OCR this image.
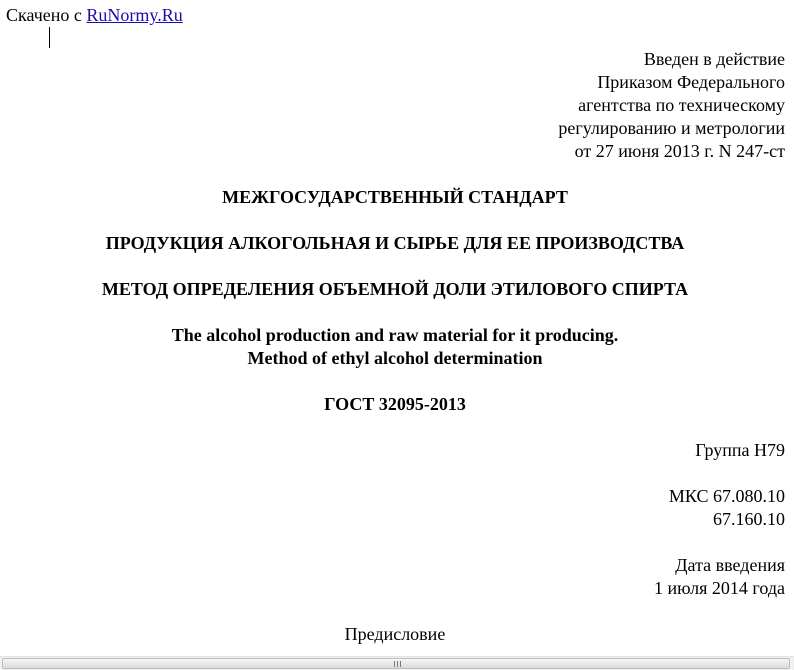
Скачено с RuNormy.Ru
Введен в действие
Приказом Федерального
агентства по техническому
регулированию и метрологии
от 27 июня 2013 г. N 247-ст
МЕЖГОСУДАРСТВЕННЫЙ СТАНДАРТ
ПРОДУКЦИЯ АЛКОГОЛЬНАЯ И СЫРЬЕ ДЛЯ ЕЕ ПРОИЗВОДСТВА
МЕТОД ОПРЕДЕЛЕНИЯ ОБЪЕМНОЙ ДОЛИ ЭТИЛОВОГО СПИРТА
The alcohol production and raw material for it producing.
Method of ethyl alcohol determination
ГОСТ 32095-2013
Группа Н79
МКС 67.080.10
67.160.10
Дата введения
1 июля 2014 года
Предисловие
